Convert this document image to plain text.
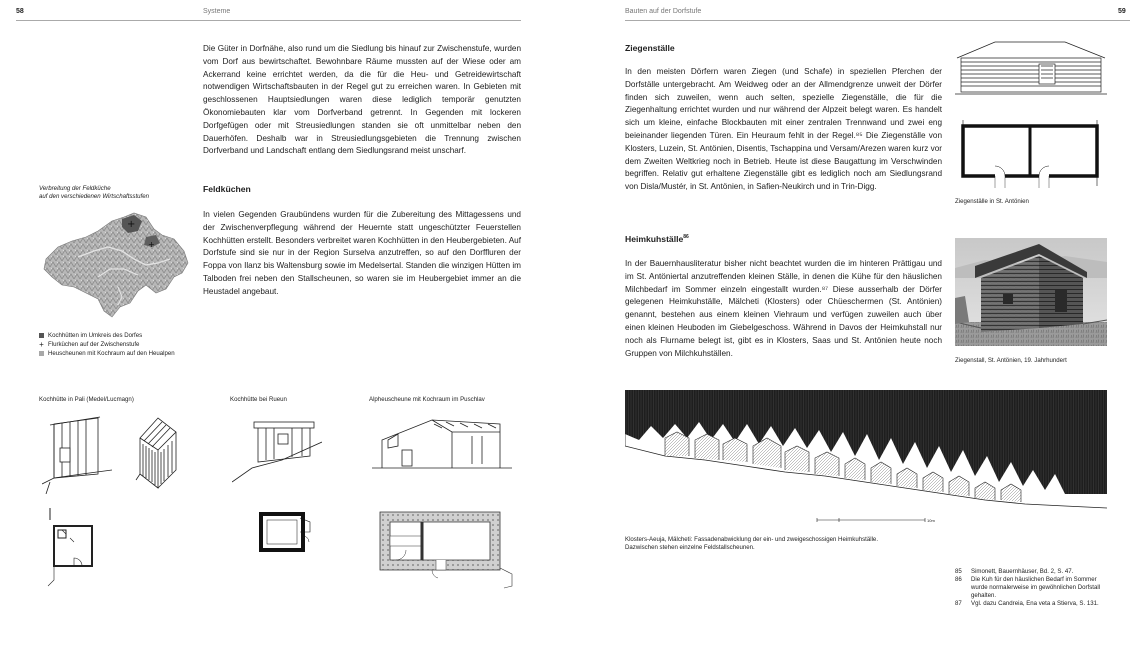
58	Systeme

Die Güter in Dorfnähe, also rund um die Siedlung bis hinauf zur Zwischenstufe, wurden vom Dorf aus bewirtschaftet. Bewohnbare Räume mussten auf der Wiese oder am Ackerrand keine errichtet werden, da die für die Heu- und Getreidewirtschaft notwendigen Wirtschaftsbauten in der Regel gut zu erreichen waren. In Gebieten mit geschlossenen Hauptsiedlungen waren diese lediglich temporär genutzten Ökonomiebauten klar vom Dorfverband getrennt. In Gegenden mit lockeren Dorfgefügen oder mit Streusiedlungen standen sie oft unmittelbar neben den Dauerhöfen. Deshalb war in Streusiedlungsgebieten die Trennung zwischen Dorfverband und Landschaft entlang dem Siedlungsrand meist unscharf.

Feldküchen

In vielen Gegenden Graubündens wurden für die Zubereitung des Mittagessens und der Zwischenverpflegung während der Heuernte statt ungeschützter Feuerstellen Kochhütten erstellt. Besonders verbreitet waren Kochhütten in den Heubergebieten. Auf Dorfstufe sind sie nur in der Region Surselva anzutreffen, so auf den Dorffluren der Foppa von Ilanz bis Waltensburg sowie im Medelsertal. Standen die winzigen Hütten im Talboden frei neben den Stallscheunen, so waren sie im Heubergebiet immer an die Heustadel angebaut.

Verbreitung der Feldküche
auf den verschiedenen Wirtschaftsstufen
+
+
Kochhütten im Umkreis des Dorfes
+ Flurküchen auf der Zwischenstufe
Heuscheunen mit Kochraum auf den Heualpen
Kochhütte in Pali (Medel/Lucmagn)	Kochhütte bei Rueun	Alpheuscheune mit Kochraum im Puschlav
Bauten auf der Dorfstufe	59
Ziegenställe

In den meisten Dörfern waren Ziegen (und Schafe) in speziellen Pferchen der Dorfställe untergebracht. Am Weidweg oder an der Allmendgrenze unweit der Dörfer finden sich zuweilen, wenn auch selten, spezielle Ziegenställe, die für die Ziegenhaltung errichtet wurden und nur während der Alpzeit belegt waren. Es handelt sich um kleine, einfache Blockbauten mit einer zentralen Trennwand und zwei eng beieinander liegenden Türen. Ein Heuraum fehlt in der Regel.⁸⁵ Die Ziegenställe von Klosters, Luzein, St. Antönien, Disentis, Tschappina und Versam/Arezen waren kurz vor dem Zweiten Weltkrieg noch in Betrieb. Heute ist diese Baugattung im Verschwinden begriffen. Relativ gut erhaltene Ziegenställe gibt es lediglich noch am Siedlungsrand von Disla/Mustér, in St. Antönien, in Safien-Neukirch und in Trin-Digg.

Heimkuhställe$^{86}$

In der Bauernhausliteratur bisher nicht beachtet wurden die im hinteren Prättigau und im St. Antöniertal anzutreffenden kleinen Ställe, in denen die Kühe für den häuslichen Milchbedarf im Sommer einzeln eingestallt wurden.⁸⁷ Diese ausserhalb der Dörfer gelegenen Heimkuhställe, Mälcheti (Klosters) oder Chüeschermen (St. Antönien) genannt, bestehen aus einem kleinen Viehraum und verfügen zuweilen auch über einen kleinen Heuboden im Giebelgeschoss. Während in Davos der Heimkuhstall nur noch als Flurname belegt ist, gibt es in Klosters, Saas und St. Antönien heute noch Gruppen von Milchkuhställen.

Ziegenställe in St. Antönien
Ziegenstall, St. Antönien, 19. Jahrhundert
10m
Klosters-Aeuja, Mälcheti: Fassadenabwicklung der ein- und zweigeschossigen Heimkuhställe.
Dazwischen stehen einzelne Feldstallscheunen.
85	Simonett, Bauernhäuser, Bd. 2, S. 47.
86	Die Kuh für den häuslichen Bedarf im Sommer wurde normalerweise im gewöhnlichen Dorfstall gehalten.
87	Vgl. dazu Candreia, Ena veta a Stierva, S. 131.
